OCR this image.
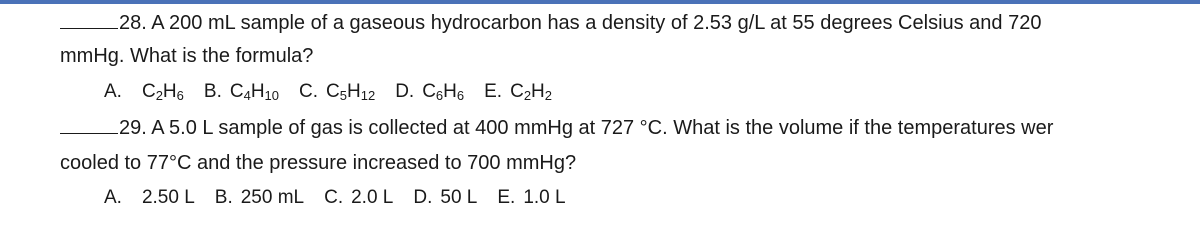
28. A 200 mL sample of a gaseous hydrocarbon has a density of 2.53 g/L at 55 degrees Celsius and 720
mmHg. What is the formula?
A. $C_2H_6$ B. $C_4H_{10}$ C. $C_5H_{12}$ D. $C_6H_6$ E. $C_2H_2$
29. A 5.0 L sample of gas is collected at 400 mmHg at 727 °C. What is the volume if the temperatures wer
cooled to 77°C and the pressure increased to 700 mmHg?
A. 2.50 L B. 250 mL C. 2.0 L D. 50 L E. 1.0 L
